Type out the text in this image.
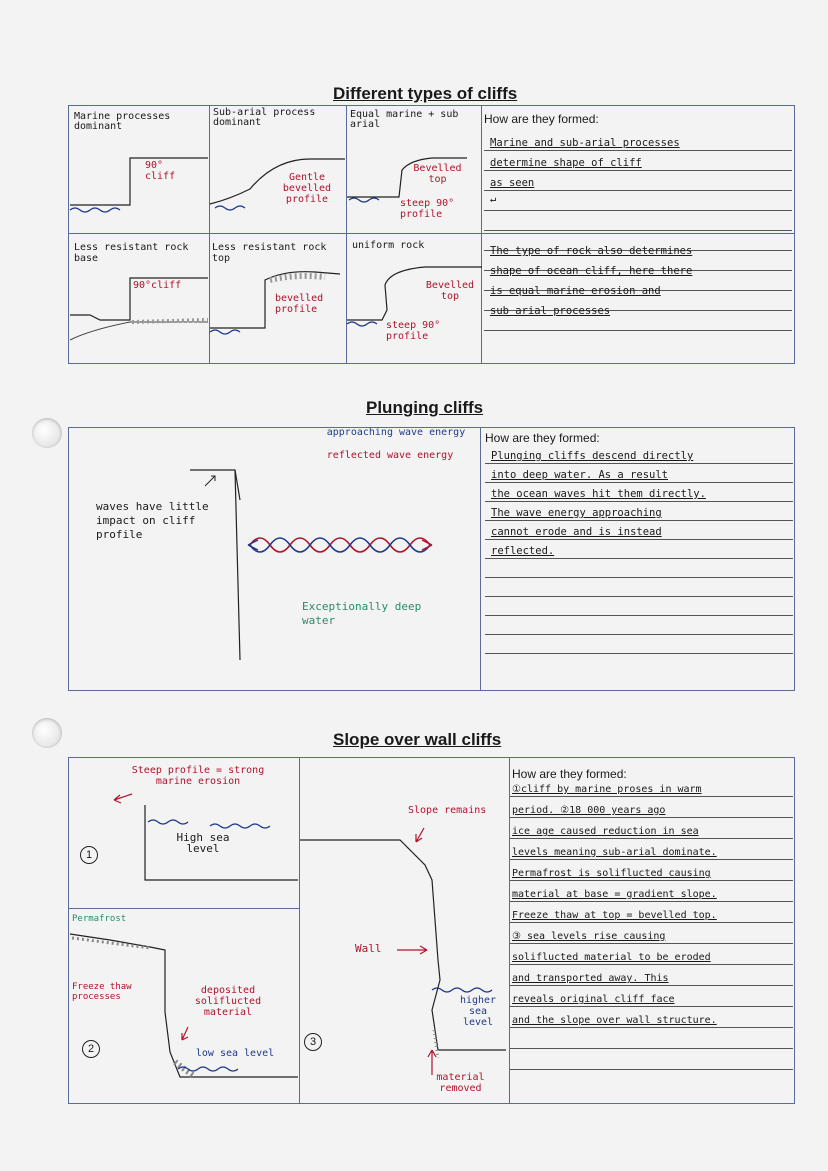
Different types of cliffs
Marine processes dominant
Sub-arial process dominant
Equal marine + sub arial
90° cliff	Gentle bevelled profile
Bevelled top
steep 90° profile
Less resistant rock base
Less resistant rock top
uniform rock
90°cliff
bevelled profile
Bevelled top
steep 90° profile
How are they formed:
Marine and sub-arial processes
determine shape of cliff
as seen
↵
The type of rock also determines
shape of ocean cliff, here there
is equal marine erosion and
sub arial processes
Plunging cliffs
approaching wave energy
reflected wave energy
waves have little impact on cliff profile
Exceptionally deep water
How are they formed:
Plunging cliffs descend directly
into deep water. As a result
the ocean waves hit them directly.
The wave energy approaching
cannot erode and is instead
reflected.
Slope over wall cliffs
Steep profile = strong marine erosion
High sea level
1
Permafrost
Freeze thaw processes
deposited soliflucted material
low sea level
2
3
Slope remains
Wall
higher sea level
material removed
How are they formed:
①cliff by marine proses in warm
period. ②18 000 years ago
ice age caused reduction in sea
levels meaning sub-arial dominate.
Permafrost is soliflucted causing
material at base = gradient slope.
Freeze thaw at top = bevelled top.
③ sea levels rise causing
soliflucted material to be eroded
and transported away. This
reveals original cliff face
and the slope over wall structure.
